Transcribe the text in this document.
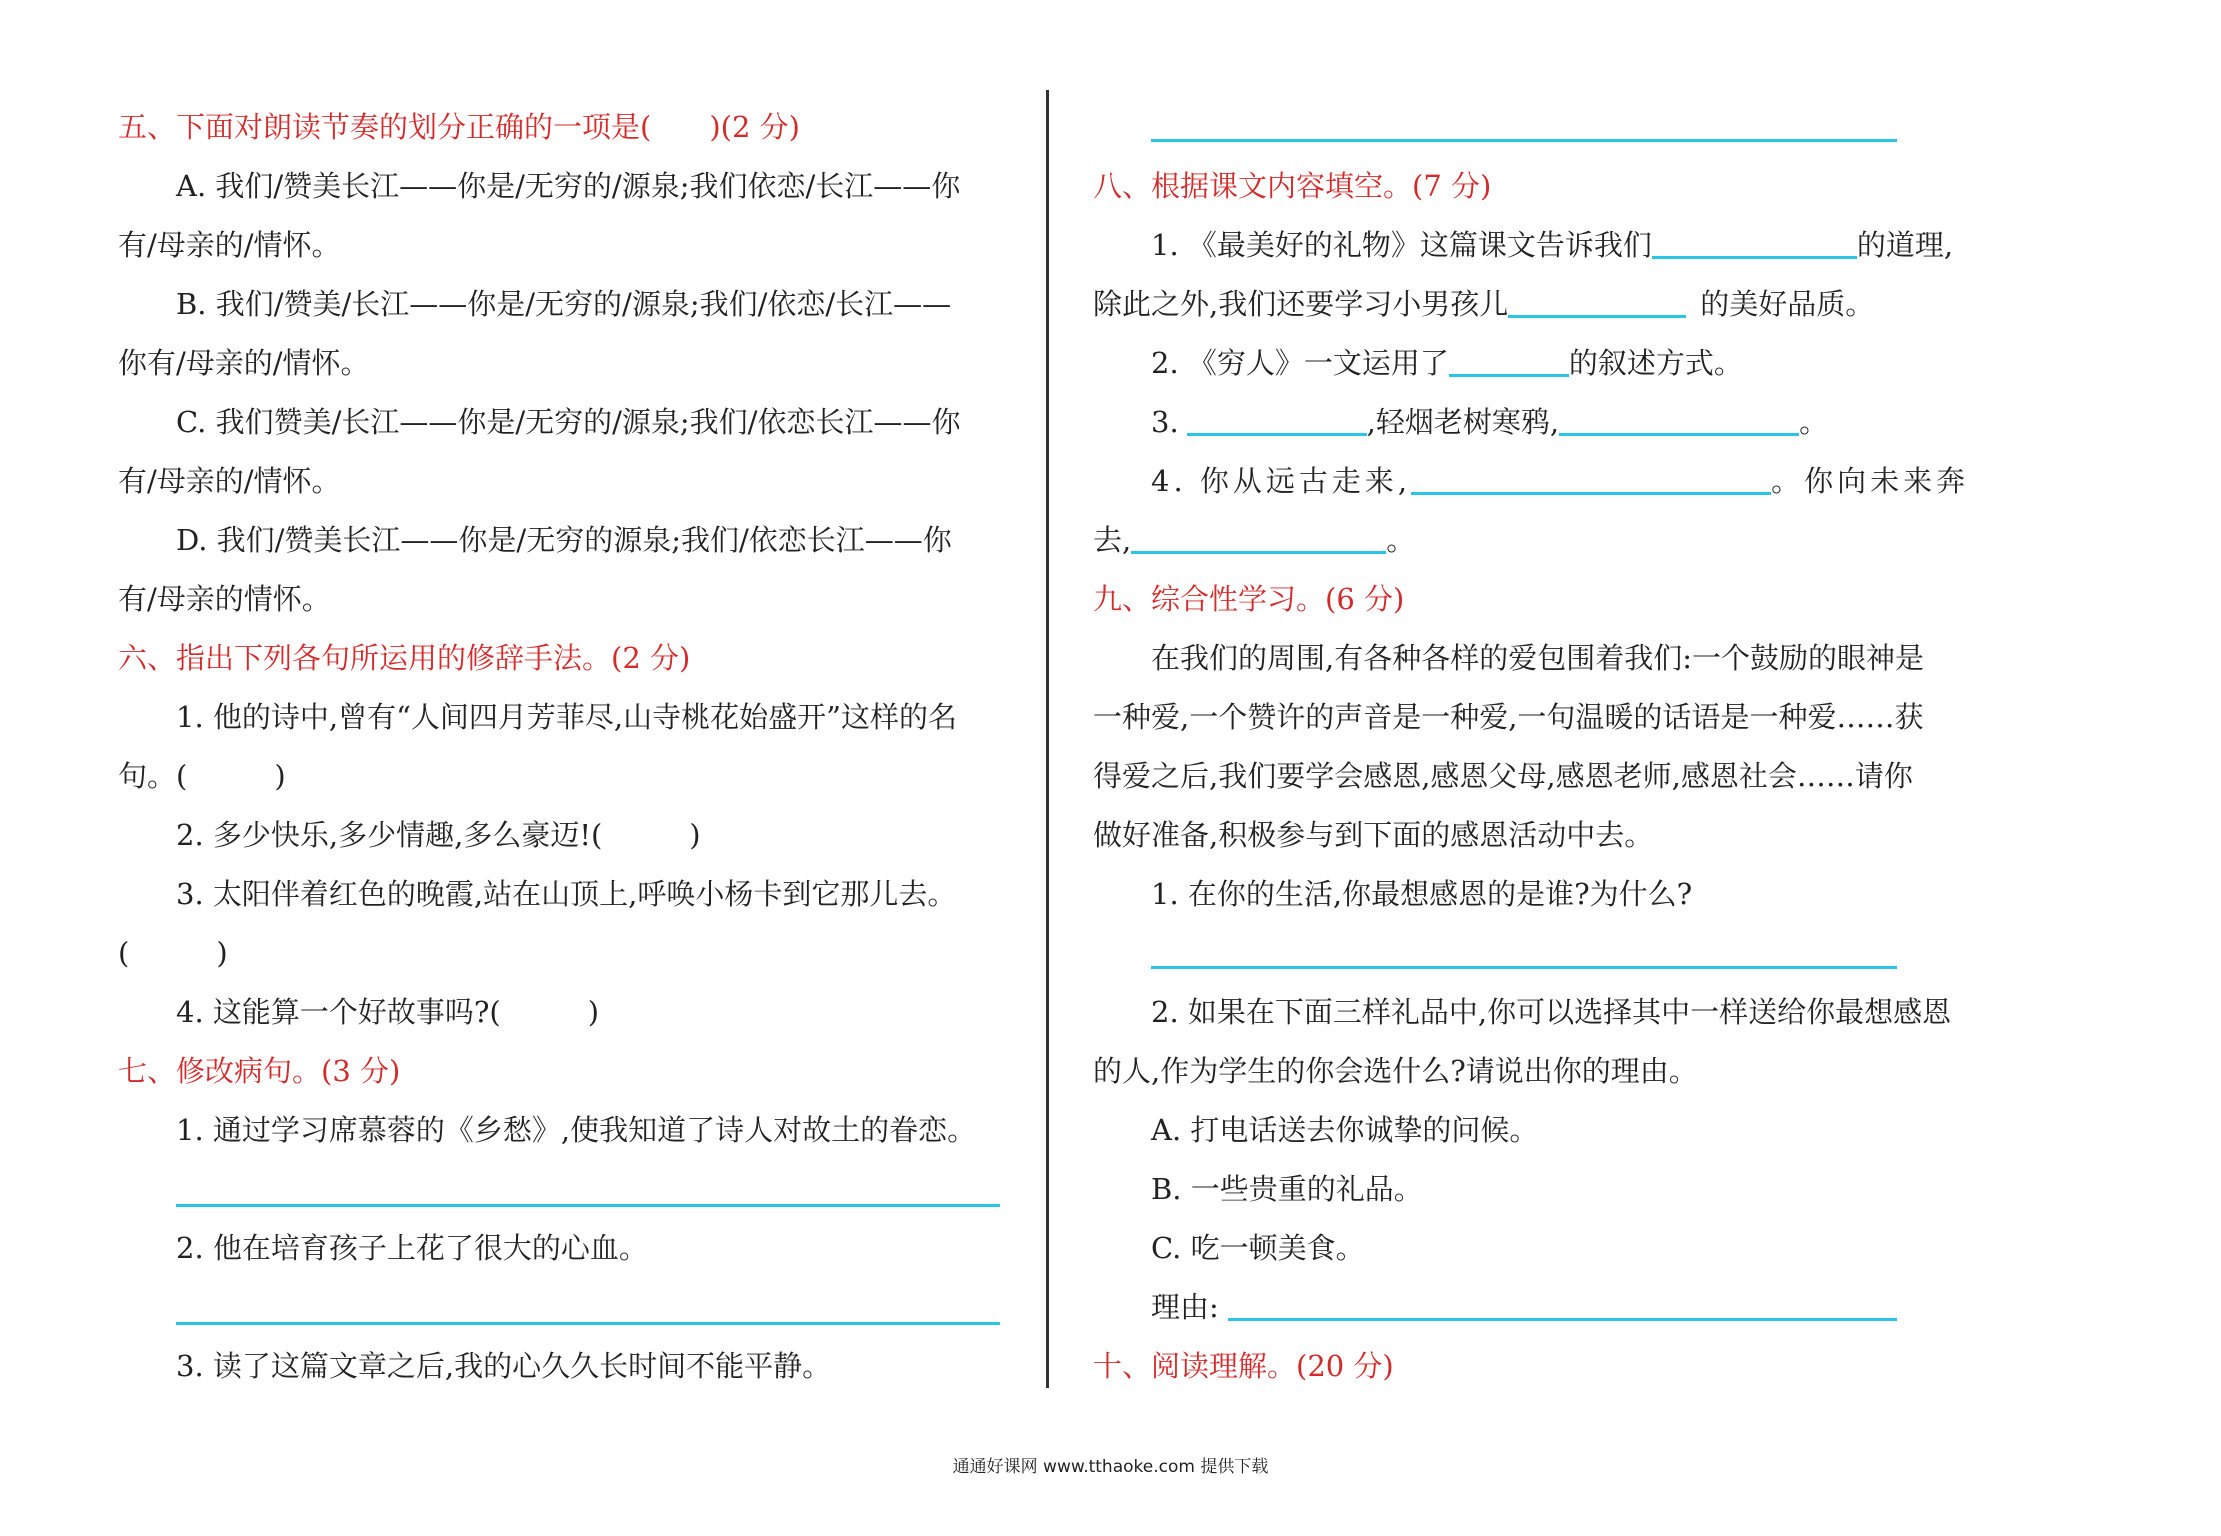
五、下面对朗读节奏的划分正确的一项是(　　)(2 分)
A. 我们/赞美长江——你是/无穷的/源泉;我们依恋/长江——你
有/母亲的/情怀。
B. 我们/赞美/长江——你是/无穷的/源泉;我们/依恋/长江——
你有/母亲的/情怀。
C. 我们赞美/长江——你是/无穷的/源泉;我们/依恋长江——你
有/母亲的/情怀。
D. 我们/赞美长江——你是/无穷的源泉;我们/依恋长江——你
有/母亲的情怀。
六、指出下列各句所运用的修辞手法。(2 分)
1. 他的诗中,曾有“人间四月芳菲尽,山寺桃花始盛开”这样的名
句。(　　　)
2. 多少快乐,多少情趣,多么豪迈!(　　　)
3. 太阳伴着红色的晚霞,站在山顶上,呼唤小杨卡到它那儿去。
(　　　)
4. 这能算一个好故事吗?(　　　)
七、修改病句。(3 分)
1. 通过学习席慕蓉的《乡愁》,使我知道了诗人对故土的眷恋。
2. 他在培育孩子上花了很大的心血。
3. 读了这篇文章之后,我的心久久长时间不能平静。
八、根据课文内容填空。(7 分)
1. 《最美好的礼物》这篇课文告诉我们	的道理,
除此之外,我们还要学习小男孩儿	的美好品质。
2. 《穷人》一文运用了	的叙述方式。
3.	,轻烟老树寒鸦,	。
4. 你从远古走来,	。你向未来奔
去,	。
九、综合性学习。(6 分)
在我们的周围,有各种各样的爱包围着我们:一个鼓励的眼神是
一种爱,一个赞许的声音是一种爱,一句温暖的话语是一种爱……获
得爱之后,我们要学会感恩,感恩父母,感恩老师,感恩社会……请你
做好准备,积极参与到下面的感恩活动中去。
1. 在你的生活,你最想感恩的是谁?为什么?
2. 如果在下面三样礼品中,你可以选择其中一样送给你最想感恩
的人,作为学生的你会选什么?请说出你的理由。
A. 打电话送去你诚挚的问候。
B. 一些贵重的礼品。
C. 吃一顿美食。
理由:
十、阅读理解。(20 分)
通通好课网 www.tthaoke.com 提供下载
